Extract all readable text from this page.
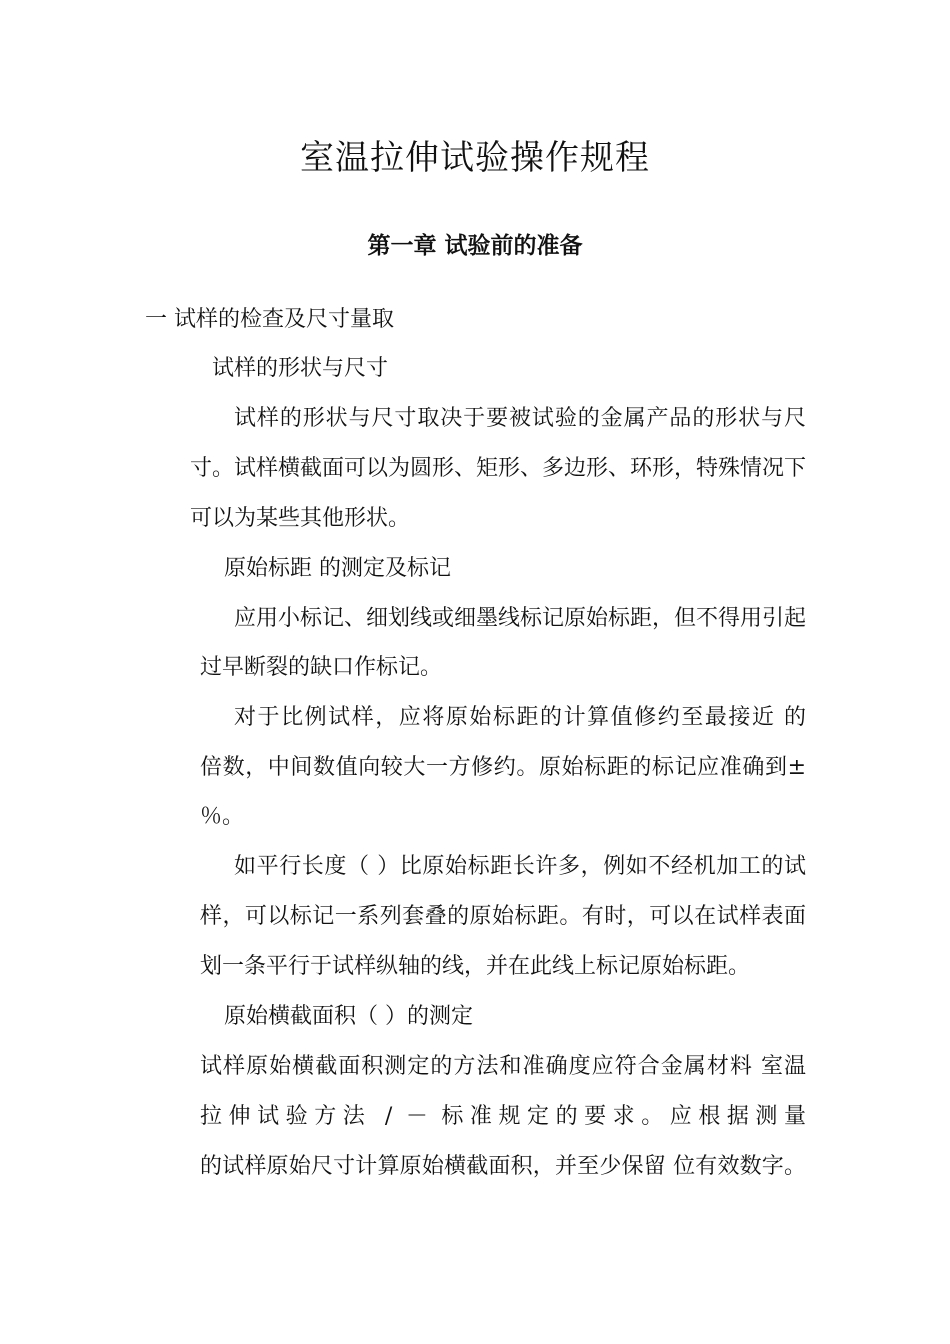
室温拉伸试验操作规程
第一章 试验前的准备
一 试样的检查及尺寸量取
试样的形状与尺寸
试样的形状与尺寸取决于要被试验的金属产品的形状与尺
寸。试样横截面可以为圆形、矩形、多边形、环形，特殊情况下
可以为某些其他形状。
原始标距 的测定及标记
应用小标记、细划线或细墨线标记原始标距，但不得用引起
过早断裂的缺口作标记。
对于比例试样，应将原始标距的计算值修约至最接近 的
倍数，中间数值向较大一方修约。原始标距的标记应准确到±
％。
如平行长度（ ）比原始标距长许多，例如不经机加工的试
样，可以标记一系列套叠的原始标距。有时，可以在试样表面
划一条平行于试样纵轴的线，并在此线上标记原始标距。
原始横截面积（ ）的测定
试样原始横截面积测定的方法和准确度应符合金属材料 室温
拉伸试验方法 / － 标准规定的要求。应根据测量
的试样原始尺寸计算原始横截面积，并至少保留 位有效数字。
